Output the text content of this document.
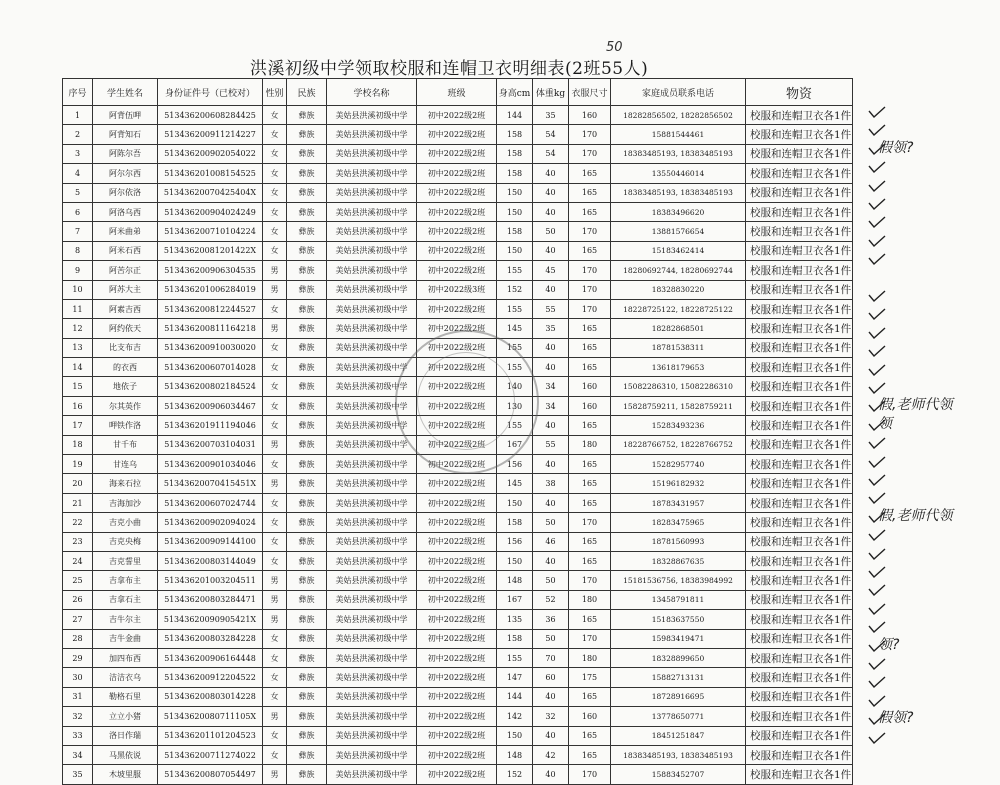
洪溪初级中学领取校服和连帽卫衣明细表(2班55人)
50
序号	学生姓名	身份证件号（已校对）	性别	民族	学校名称	班级	身高cm	体重kg	衣服尺寸	家庭成员联系电话	物资
1	阿背伍呷	513436200608284425	女	彝族	美姑县洪溪初级中学	初中2022级2班	144	35	160	18282856502, 18282856502	校服和连帽卫衣各1件
2	阿背知石	513436200911214227	女	彝族	美姑县洪溪初级中学	初中2022级2班	158	54	170	15881544461	校服和连帽卫衣各1件
3	阿陈尔吾	513436200902054022	女	彝族	美姑县洪溪初级中学	初中2022级2班	158	54	170	18383485193, 18383485193	校服和连帽卫衣各1件
4	阿尔尔西	513436201008154525	女	彝族	美姑县洪溪初级中学	初中2022级2班	158	40	165	13550446014	校服和连帽卫衣各1件
5	阿尔依洛	51343620070425404X	女	彝族	美姑县洪溪初级中学	初中2022级2班	150	40	165	18383485193, 18383485193	校服和连帽卫衣各1件
6	阿洛乌西	513436200904024249	女	彝族	美姑县洪溪初级中学	初中2022级2班	150	40	165	18383496620	校服和连帽卫衣各1件
7	阿米曲弟	513436200710104224	女	彝族	美姑县洪溪初级中学	初中2022级2班	158	50	170	13881576654	校服和连帽卫衣各1件
8	阿米石西	51343620081201422X	女	彝族	美姑县洪溪初级中学	初中2022级2班	150	40	165	15183462414	校服和连帽卫衣各1件
9	阿苦尔正	513436200906304535	男	彝族	美姑县洪溪初级中学	初中2022级2班	155	45	170	18280692744, 18280692744	校服和连帽卫衣各1件
10	阿苏大主	513436201006284019	男	彝族	美姑县洪溪初级中学	初中2022级3班	152	40	170	18328830220	校服和连帽卫衣各1件
11	阿素吉西	513436200812244527	女	彝族	美姑县洪溪初级中学	初中2022级2班	155	55	170	18228725122, 18228725122	校服和连帽卫衣各1件
12	阿约依天	513436200811164218	男	彝族	美姑县洪溪初级中学	初中2022级2班	145	35	165	18282868501	校服和连帽卫衣各1件
13	比支布吉	513436200910030020	女	彝族	美姑县洪溪初级中学	初中2022级2班	155	40	165	18781538311	校服和连帽卫衣各1件
14	的衣西	513436200607014028	女	彝族	美姑县洪溪初级中学	初中2022级2班	155	40	165	13618179653	校服和连帽卫衣各1件
15	地依子	513436200802184524	女	彝族	美姑县洪溪初级中学	初中2022级2班	140	34	160	15082286310, 15082286310	校服和连帽卫衣各1件
16	尔其英作	513436200906034467	女	彝族	美姑县洪溪初级中学	初中2022级2班	130	34	160	15828759211, 15828759211	校服和连帽卫衣各1件
17	呷铁作洛	513436201911194046	女	彝族	美姑县洪溪初级中学	初中2022级2班	155	40	165	15283493236	校服和连帽卫衣各1件
18	甘千布	513436200703104031	男	彝族	美姑县洪溪初级中学	初中2022级2班	167	55	180	18228766752, 18228766752	校服和连帽卫衣各1件
19	甘连乌	513436200901034046	女	彝族	美姑县洪溪初级中学	初中2022级2班	156	40	165	15282957740	校服和连帽卫衣各1件
20	海来石拉	51343620070415451X	男	彝族	美姑县洪溪初级中学	初中2022级2班	145	38	165	15196182932	校服和连帽卫衣各1件
21	吉海加沙	513436200607024744	女	彝族	美姑县洪溪初级中学	初中2022级2班	150	40	165	18783431957	校服和连帽卫衣各1件
22	吉克小曲	513436200902094024	女	彝族	美姑县洪溪初级中学	初中2022级2班	158	50	170	18283475965	校服和连帽卫衣各1件
23	吉克央梅	513436200909144100	女	彝族	美姑县洪溪初级中学	初中2022级2班	156	46	165	18781560993	校服和连帽卫衣各1件
24	吉克誓里	513436200803144049	女	彝族	美姑县洪溪初级中学	初中2022级2班	150	40	165	18328867635	校服和连帽卫衣各1件
25	吉拿布主	513436201003204511	男	彝族	美姑县洪溪初级中学	初中2022级2班	148	50	170	15181536756, 18383984992	校服和连帽卫衣各1件
26	吉拿石主	513436200803284471	男	彝族	美姑县洪溪初级中学	初中2022级2班	167	52	180	13458791811	校服和连帽卫衣各1件
27	吉牛尔主	51343620090905421X	男	彝族	美姑县洪溪初级中学	初中2022级2班	135	36	165	15183637550	校服和连帽卫衣各1件
28	吉牛金曲	513436200803284228	女	彝族	美姑县洪溪初级中学	初中2022级2班	158	50	170	15983419471	校服和连帽卫衣各1件
29	加四布西	513436200906164448	女	彝族	美姑县洪溪初级中学	初中2022级2班	155	70	180	18328899650	校服和连帽卫衣各1件
30	洁洁衣乌	513436200912204522	女	彝族	美姑县洪溪初级中学	初中2022级2班	147	60	175	15882713131	校服和连帽卫衣各1件
31	勒格石里	513436200803014228	女	彝族	美姑县洪溪初级中学	初中2022级2班	144	40	165	18728916695	校服和连帽卫衣各1件
32	立立小猪	51343620080711105X	男	彝族	美姑县洪溪初级中学	初中2022级2班	142	32	160	13778650771	校服和连帽卫衣各1件
33	洛日作瑞	513436201101204523	女	彝族	美姑县洪溪初级中学	初中2022级2班	150	40	165	18451251847	校服和连帽卫衣各1件
34	马黑依说	513436200711274022	女	彝族	美姑县洪溪初级中学	初中2022级2班	148	42	165	18383485193, 18383485193	校服和连帽卫衣各1件
35	木坡里服	513436200807054497	男	彝族	美姑县洪溪初级中学	初中2022级2班	152	40	170	15883452707	校服和连帽卫衣各1件
假领?
假,老师代领
领
假,老师代领
领?
假领?
